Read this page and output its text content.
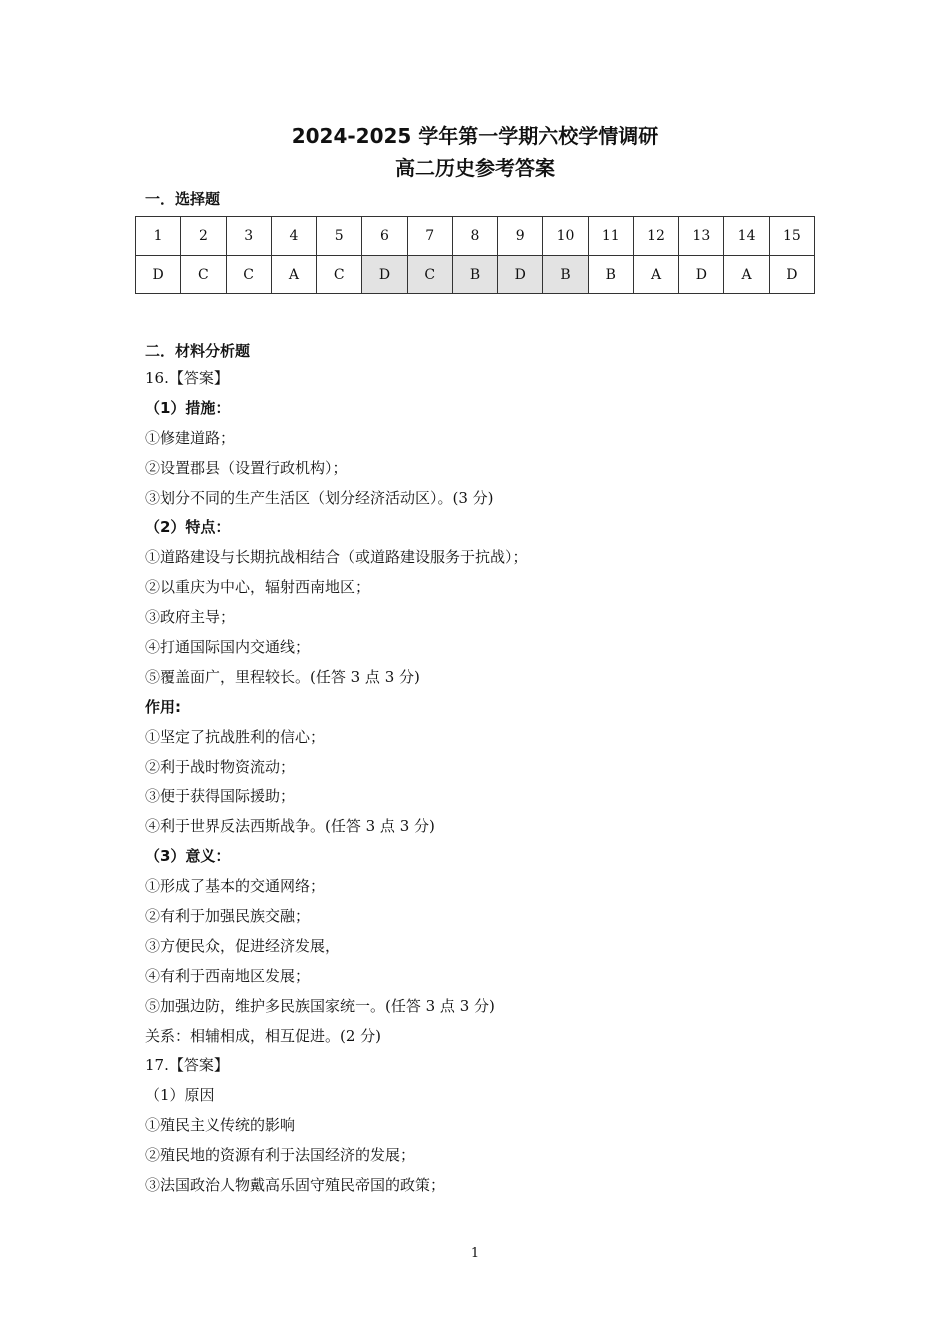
2024-2025 学年第一学期六校学情调研
高二历史参考答案
一．选择题
1	2	3	4	5	6	7	8	9	10	11	12	13	14	15
D	C	C	A	C	D	C	B	D	B	B	A	D	A	D
二．材料分析题
16.【答案】
（1）措施：
①修建道路；
②设置郡县（设置行政机构）；
③划分不同的生产生活区（划分经济活动区）。(3 分)
（2）特点：
①道路建设与长期抗战相结合（或道路建设服务于抗战）；
②以重庆为中心，辐射西南地区；
③政府主导；
④打通国际国内交通线；
⑤覆盖面广，里程较长。(任答 3 点 3 分)
作用:
①坚定了抗战胜利的信心；
②利于战时物资流动；
③便于获得国际援助；
④利于世界反法西斯战争。(任答 3 点 3 分)
（3）意义：
①形成了基本的交通网络；
②有利于加强民族交融；
③方便民众，促进经济发展，
④有利于西南地区发展；
⑤加强边防，维护多民族国家统一。(任答 3 点 3 分)
关系：相辅相成，相互促进。(2 分)
17.【答案】
（1）原因
①殖民主义传统的影响
②殖民地的资源有利于法国经济的发展；
③法国政治人物戴高乐固守殖民帝国的政策；
1
